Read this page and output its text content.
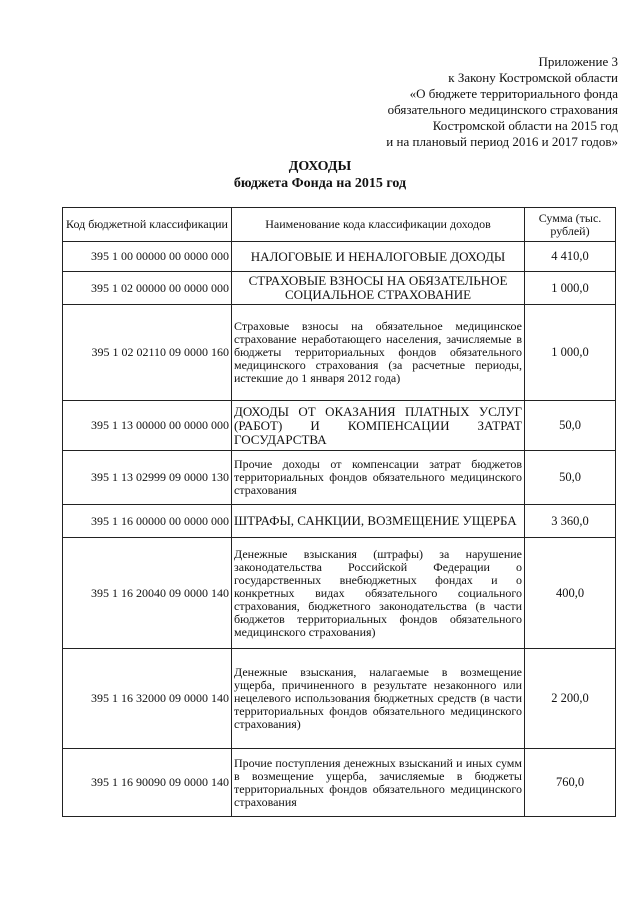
Приложение 3
к Закону Костромской области
«О бюджете территориального фонда
обязательного медицинского страхования
Костромской области на 2015 год
и на плановый период 2016 и 2017 годов»
ДОХОДЫ
бюджета Фонда на 2015 год
Код бюджетной классификации	Наименование кода классификации доходов	Сумма (тыс. рублей)
395 1 00 00000 00 0000 000	НАЛОГОВЫЕ И НЕНАЛОГОВЫЕ ДОХОДЫ	4 410,0
395 1 02 00000 00 0000 000	СТРАХОВЫЕ ВЗНОСЫ НА ОБЯЗАТЕЛЬНОЕ СОЦИАЛЬНОЕ СТРАХОВАНИЕ	1 000,0
395 1 02 02110 09 0000 160	Страховые взносы на обязательное медицинское страхование неработающего населения, зачисляемые в бюджеты территориальных фондов обязательного медицинского страхования (за расчетные периоды, истекшие до 1 января 2012 года)	1 000,0
395 1 13 00000 00 0000 000	ДОХОДЫ ОТ ОКАЗАНИЯ ПЛАТНЫХ УСЛУГ (РАБОТ) И КОМПЕНСАЦИИ ЗАТРАТ ГОСУДАРСТВА	50,0
395 1 13 02999 09 0000 130	Прочие доходы от компенсации затрат бюджетов территориальных фондов обязательного медицинского страхования	50,0
395 1 16 00000 00 0000 000	ШТРАФЫ, САНКЦИИ, ВОЗМЕЩЕНИЕ УЩЕРБА	3 360,0
395 1 16 20040 09 0000 140	Денежные взыскания (штрафы) за нарушение законодательства Российской Федерации о государственных внебюджетных фондах и о конкретных видах обязательного социального страхования, бюджетного законодательства (в части бюджетов территориальных фондов обязательного медицинского страхования)	400,0
395 1 16 32000 09 0000 140	Денежные взыскания, налагаемые в возмещение ущерба, причиненного в результате незаконного или нецелевого использования бюджетных средств (в части территориальных фондов обязательного медицинского страхования)	2 200,0
395 1 16 90090 09 0000 140	Прочие поступления денежных взысканий и иных сумм в возмещение ущерба, зачисляемые в бюджеты территориальных фондов обязательного медицинского страхования	760,0
